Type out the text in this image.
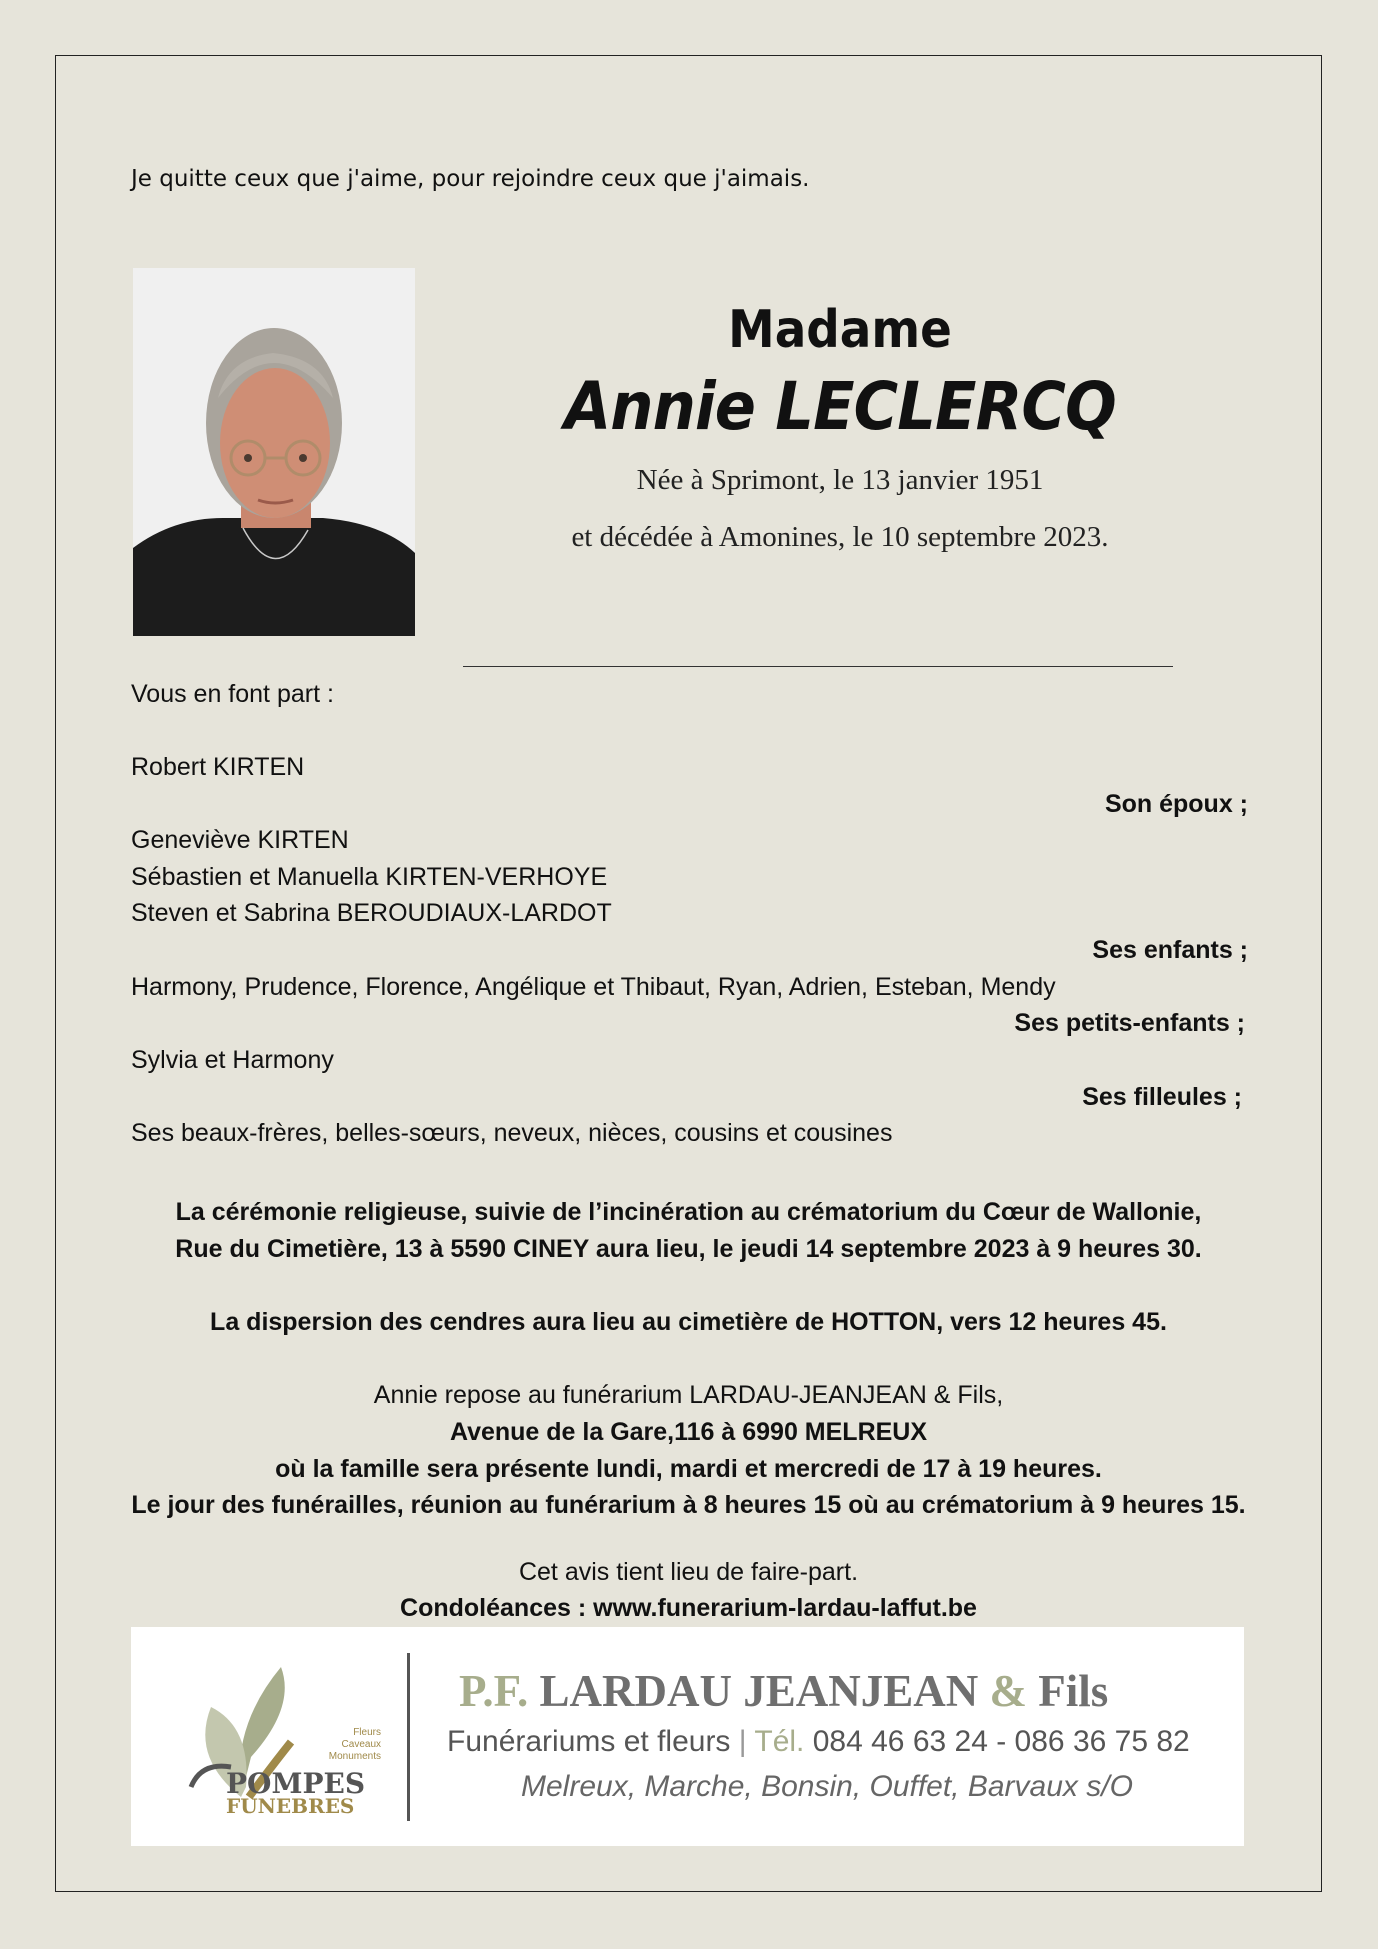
Je quitte ceux que j'aime, pour rejoindre ceux que j'aimais.
Madame
Annie LECLERCQ
Née à Sprimont, le 13 janvier 1951
et décédée à Amonines, le 10 septembre 2023.
Vous en font part :
Robert KIRTEN
Son époux ;
Geneviève KIRTEN
Sébastien et Manuella KIRTEN-VERHOYE
Steven et Sabrina BEROUDIAUX-LARDOT
Ses enfants ;
Harmony, Prudence, Florence, Angélique et Thibaut, Ryan, Adrien, Esteban, Mendy
Ses petits-enfants ;
Sylvia et Harmony
Ses filleules ;
Ses beaux-frères, belles-sœurs, neveux, nièces, cousins et cousines
La cérémonie religieuse, suivie de l’incinération au crématorium du Cœur de Wallonie,
Rue du Cimetière, 13 à 5590 CINEY aura lieu, le jeudi 14 septembre 2023 à 9 heures 30.
La dispersion des cendres aura lieu au cimetière de HOTTON, vers 12 heures 45.
Annie repose au funérarium LARDAU-JEANJEAN & Fils,
Avenue de la Gare,116 à 6990 MELREUX
où la famille sera présente lundi, mardi et mercredi de 17 à 19 heures.
Le jour des funérailles, réunion au funérarium à 8 heures 15 où au crématorium à 9 heures 15.
Cet avis tient lieu de faire-part.
Condoléances : www.funerarium-lardau-laffut.be
Fleurs
Caveaux
Monuments
POMPES
FUNEBRES
P.F. LARDAU JEANJEAN & Fils
Funérariums et fleurs | Tél. 084 46 63 24 - 086 36 75 82
Melreux, Marche, Bonsin, Ouffet, Barvaux s/O
